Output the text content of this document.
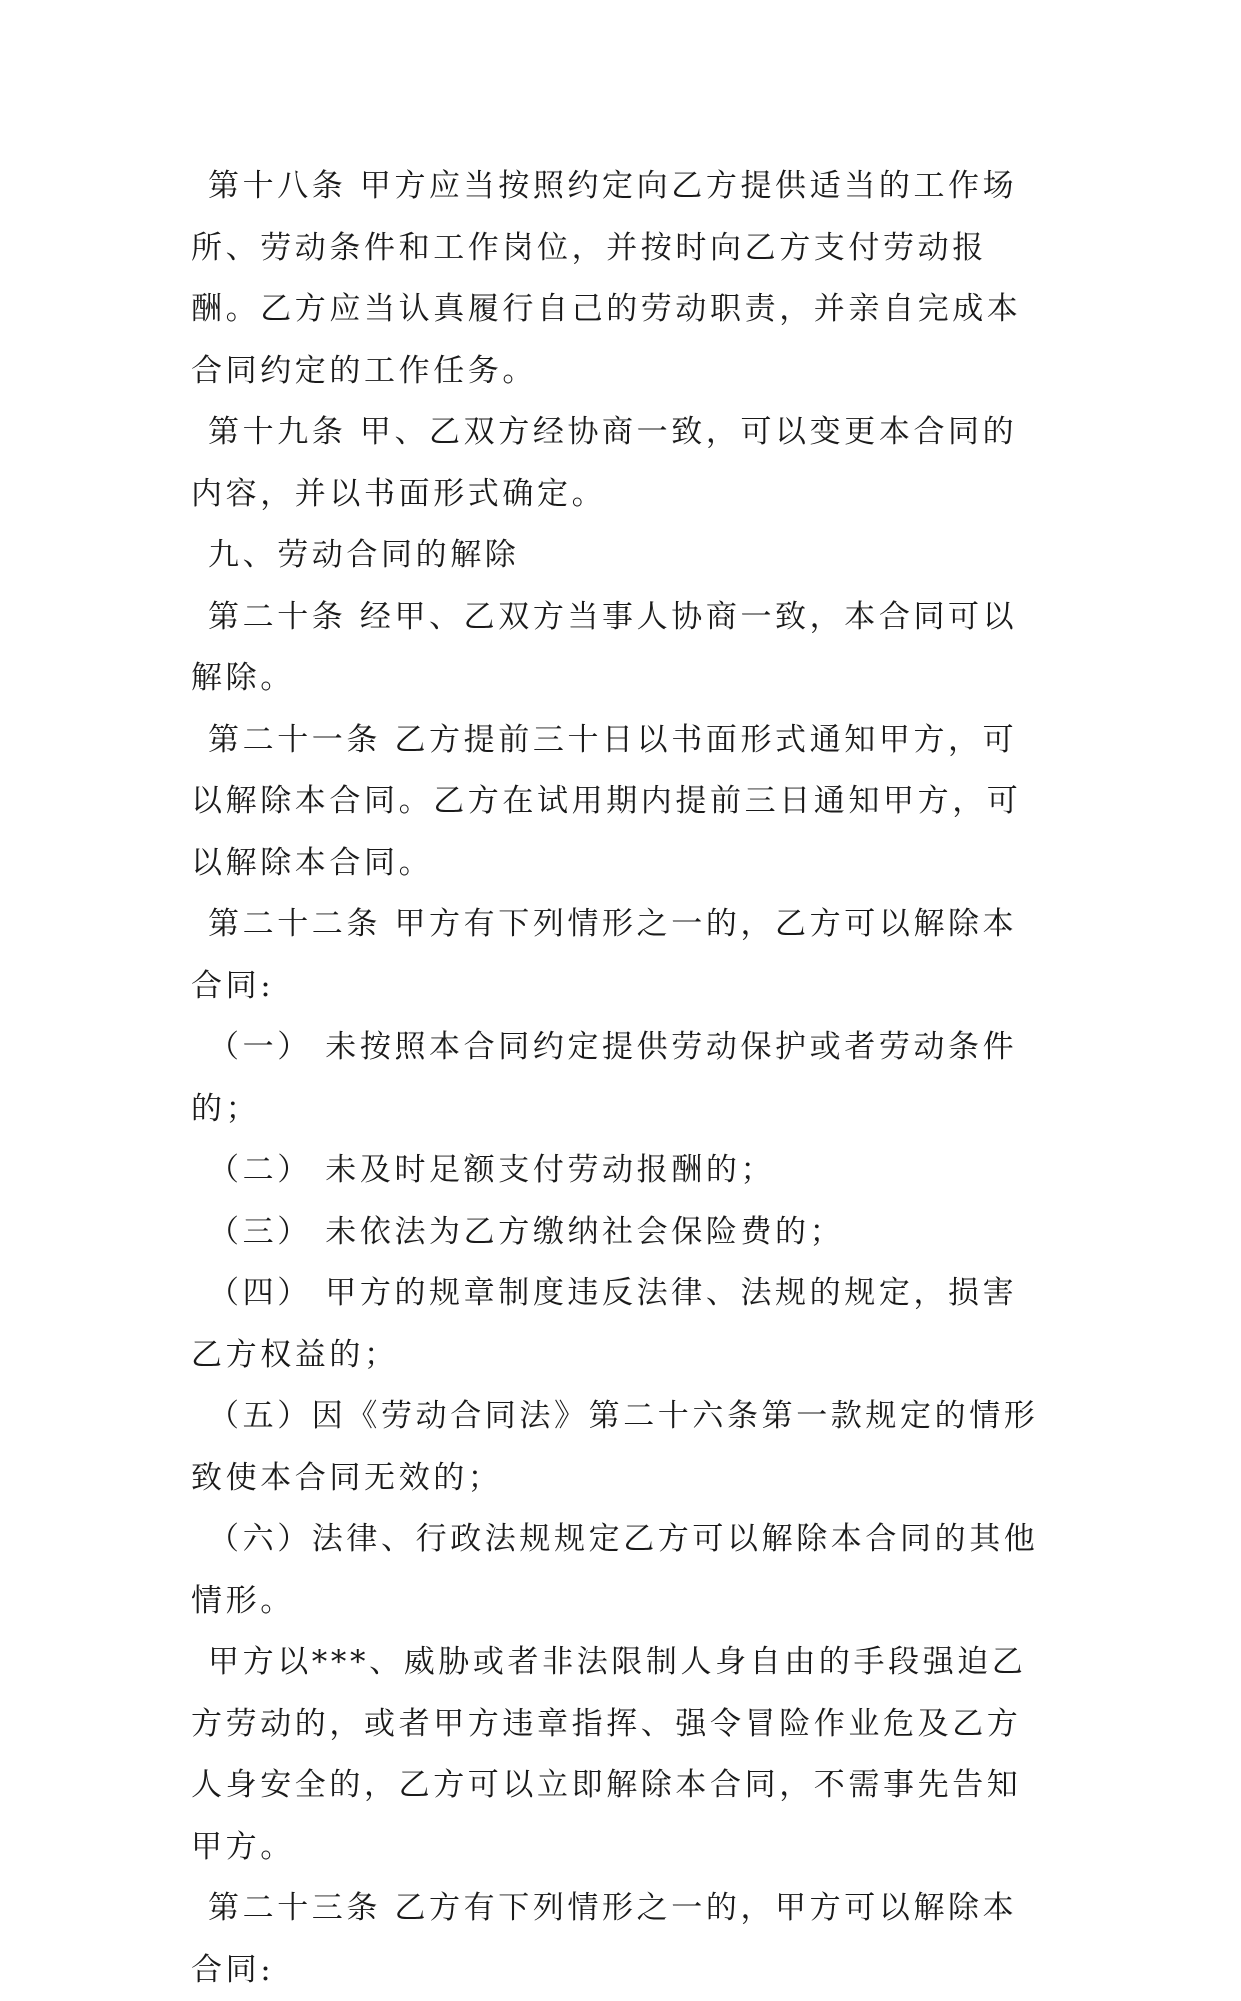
第十八条 甲方应当按照约定向乙方提供适当的工作场所、劳动条件和工作岗位，并按时向乙方支付劳动报酬。乙方应当认真履行自己的劳动职责，并亲自完成本合同约定的工作任务。

第十九条 甲、乙双方经协商一致，可以变更本合同的内容，并以书面形式确定。

九、劳动合同的解除

第二十条 经甲、乙双方当事人协商一致，本合同可以解除。

第二十一条 乙方提前三十日以书面形式通知甲方，可以解除本合同。乙方在试用期内提前三日通知甲方，可以解除本合同。

第二十二条 甲方有下列情形之一的，乙方可以解除本合同:

（一） 未按照本合同约定提供劳动保护或者劳动条件的；

（二） 未及时足额支付劳动报酬的；

（三） 未依法为乙方缴纳社会保险费的；

（四） 甲方的规章制度违反法律、法规的规定，损害乙方权益的；

（五）因《劳动合同法》第二十六条第一款规定的情形致使本合同无效的；

（六）法律、行政法规规定乙方可以解除本合同的其他情形。

甲方以***、威胁或者非法限制人身自由的手段强迫乙方劳动的，或者甲方违章指挥、强令冒险作业危及乙方人身安全的，乙方可以立即解除本合同，不需事先告知甲方。

第二十三条 乙方有下列情形之一的，甲方可以解除本合同:
